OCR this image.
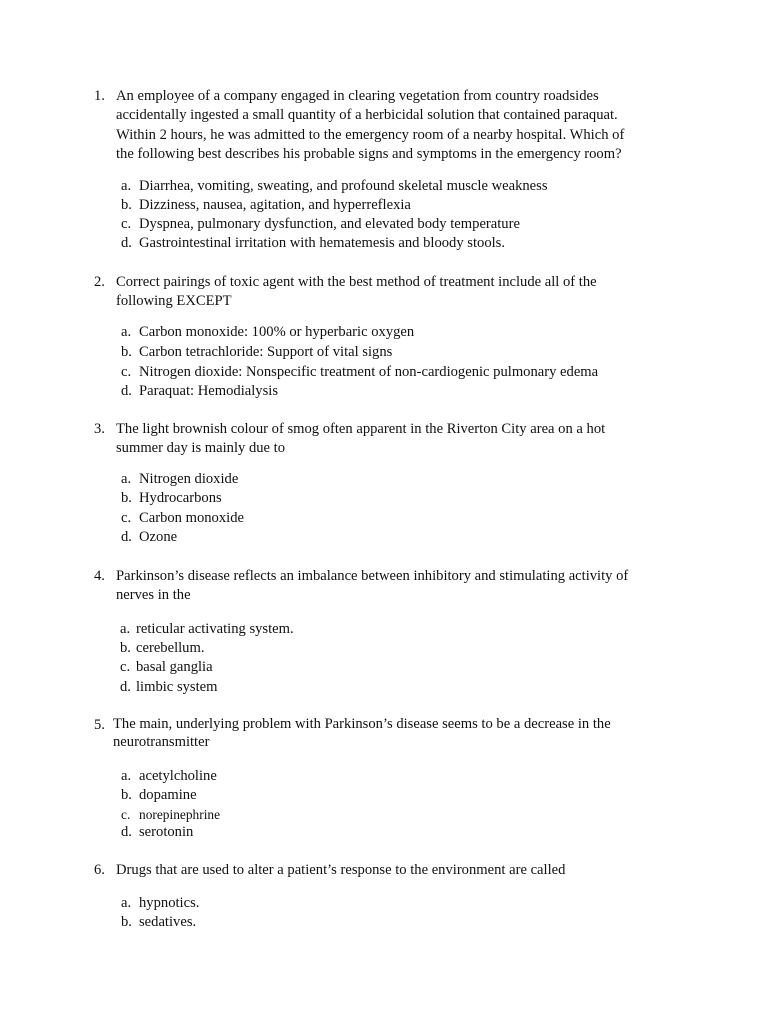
1. An employee of a company engaged in clearing vegetation from country roadsides
accidentally ingested a small quantity of a herbicidal solution that contained paraquat.
Within 2 hours, he was admitted to the emergency room of a nearby hospital. Which of
the following best describes his probable signs and symptoms in the emergency room?
a. Diarrhea, vomiting, sweating, and profound skeletal muscle weakness
b. Dizziness, nausea, agitation, and hyperreflexia
c. Dyspnea, pulmonary dysfunction, and elevated body temperature
d. Gastrointestinal irritation with hematemesis and bloody stools.
2. Correct pairings of toxic agent with the best method of treatment include all of the
following EXCEPT
a. Carbon monoxide: 100% or hyperbaric oxygen
b. Carbon tetrachloride: Support of vital signs
c. Nitrogen dioxide: Nonspecific treatment of non-cardiogenic pulmonary edema
d. Paraquat: Hemodialysis
3. The light brownish colour of smog often apparent in the Riverton City area on a hot
summer day is mainly due to
a. Nitrogen dioxide
b. Hydrocarbons
c. Carbon monoxide
d. Ozone
4. Parkinson’s disease reflects an imbalance between inhibitory and stimulating activity of
nerves in the
a. reticular activating system.
b. cerebellum.
c. basal ganglia
d. limbic system
5. The main, underlying problem with Parkinson’s disease seems to be a decrease in the
neurotransmitter
a. acetylcholine
b. dopamine
c. norepinephrine
d. serotonin
6. Drugs that are used to alter a patient’s response to the environment are called
a. hypnotics.
b. sedatives.
